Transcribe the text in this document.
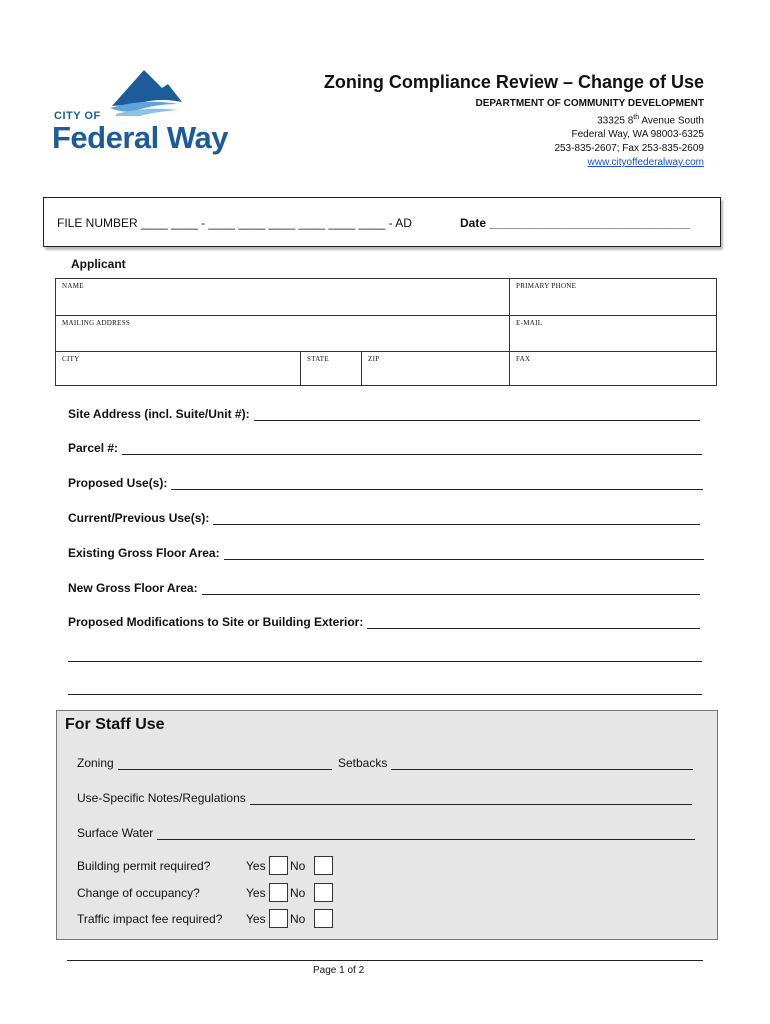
CITY OF
Federal Way
Zoning Compliance Review – Change of Use
DEPARTMENT OF COMMUNITY DEVELOPMENT
33325 8th Avenue South
Federal Way, WA 98003-6325
253-835-2607; Fax 253-835-2609
www.cityoffederalway.com
FILE NUMBER ____ ____ - ____ ____ ____ ____ ____ ____ - AD	Date ______________________________
Applicant
NAME	PRIMARY PHONE
MAILING ADDRESS	E-MAIL
CITY	STATE	ZIP	FAX
Site Address (incl. Suite/Unit #):
Parcel #:
Proposed Use(s):
Current/Previous Use(s):
Existing Gross Floor Area:
New Gross Floor Area:
Proposed Modifications to Site or Building Exterior:
For Staff Use
Zoning	Setbacks
Use-Specific Notes/Regulations
Surface Water
Building permit required?	Yes No
Change of occupancy?	Yes No
Traffic impact fee required? Yes No
Page 1 of 2
